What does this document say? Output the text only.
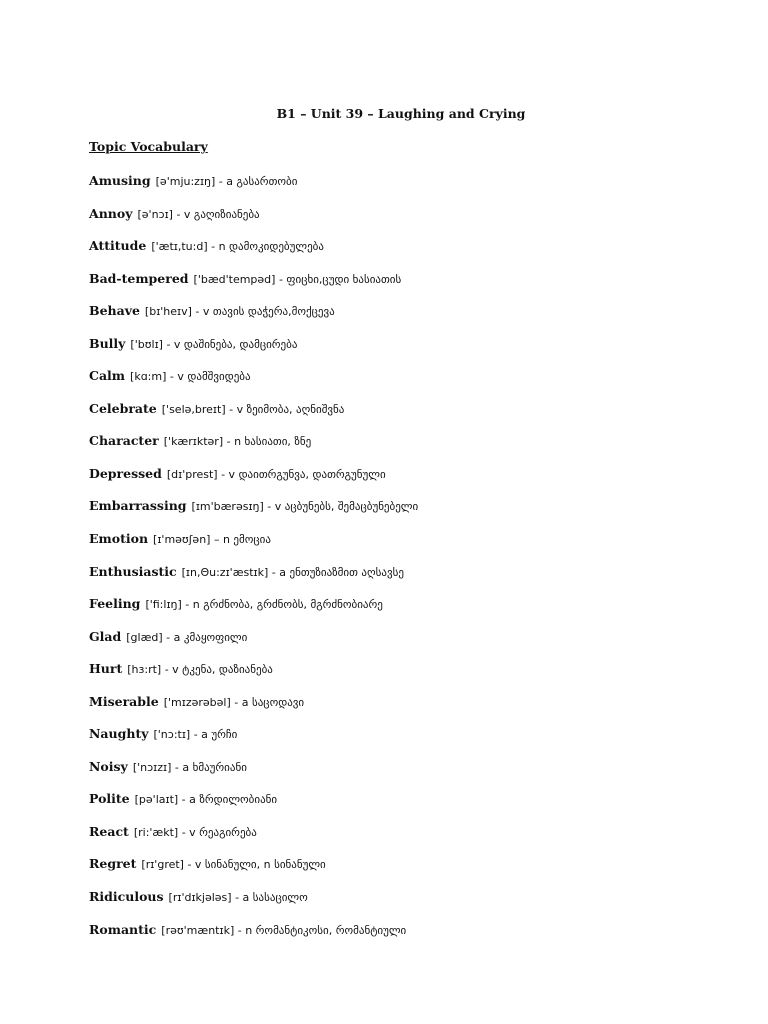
B1 – Unit 39 – Laughing and Crying
Topic Vocabulary
Amusing [ə'mju:zɪŋ] - a გასართობი
Annoy [ə'nɔɪ] - v გაღიზიანება
Attitude ['ætɪ,tu:d] - n დამოკიდებულება
Bad-tempered ['bæd'tempəd] - ფიცხი,ცუდი ხასიათის
Behave [bɪ'heɪv] - v თავის დაჭერა,მოქცევა
Bully ['bʊlɪ] - v დაშინება, დამცირება
Calm [kɑ:m] - v დამშვიდება
Celebrate ['selə,breɪt] - v ზეიმობა, აღნიშვნა
Character ['kærɪktər] - n ხასიათი, ზნე
Depressed [dɪ'prest] - v დაითრგუნვა, დათრგუნული
Embarrassing [ɪm'bærəsɪŋ] - v აცბუნებს, შემაცბუნებელი
Emotion [ɪ'məʊʃən] – n ემოცია
Enthusiastic [ɪn,Θu:zɪ'æstɪk] - a ენთუზიაზმით აღსავსე
Feeling ['fi:lɪŋ] - n გრძნობა, გრძნობს, მგრძნობიარე
Glad [glæd] - a კმაყოფილი
Hurt [hɜ:rt] - v ტკენა, დაზიანება
Miserable ['mɪzərəbəl] - a საცოდავი
Naughty ['nɔ:tɪ] - a ურჩი
Noisy ['nɔɪzɪ] - a ხმაურიანი
Polite [pə'laɪt] - a ზრდილობიანი
React [ri:'ækt] - v რეაგირება
Regret [rɪ'gret] - v სინანული, n სინანული
Ridiculous [rɪ'dɪkjələs] - a სასაცილო
Romantic [rəʊ'mæntɪk] - n რომანტიკოსი, რომანტიული
